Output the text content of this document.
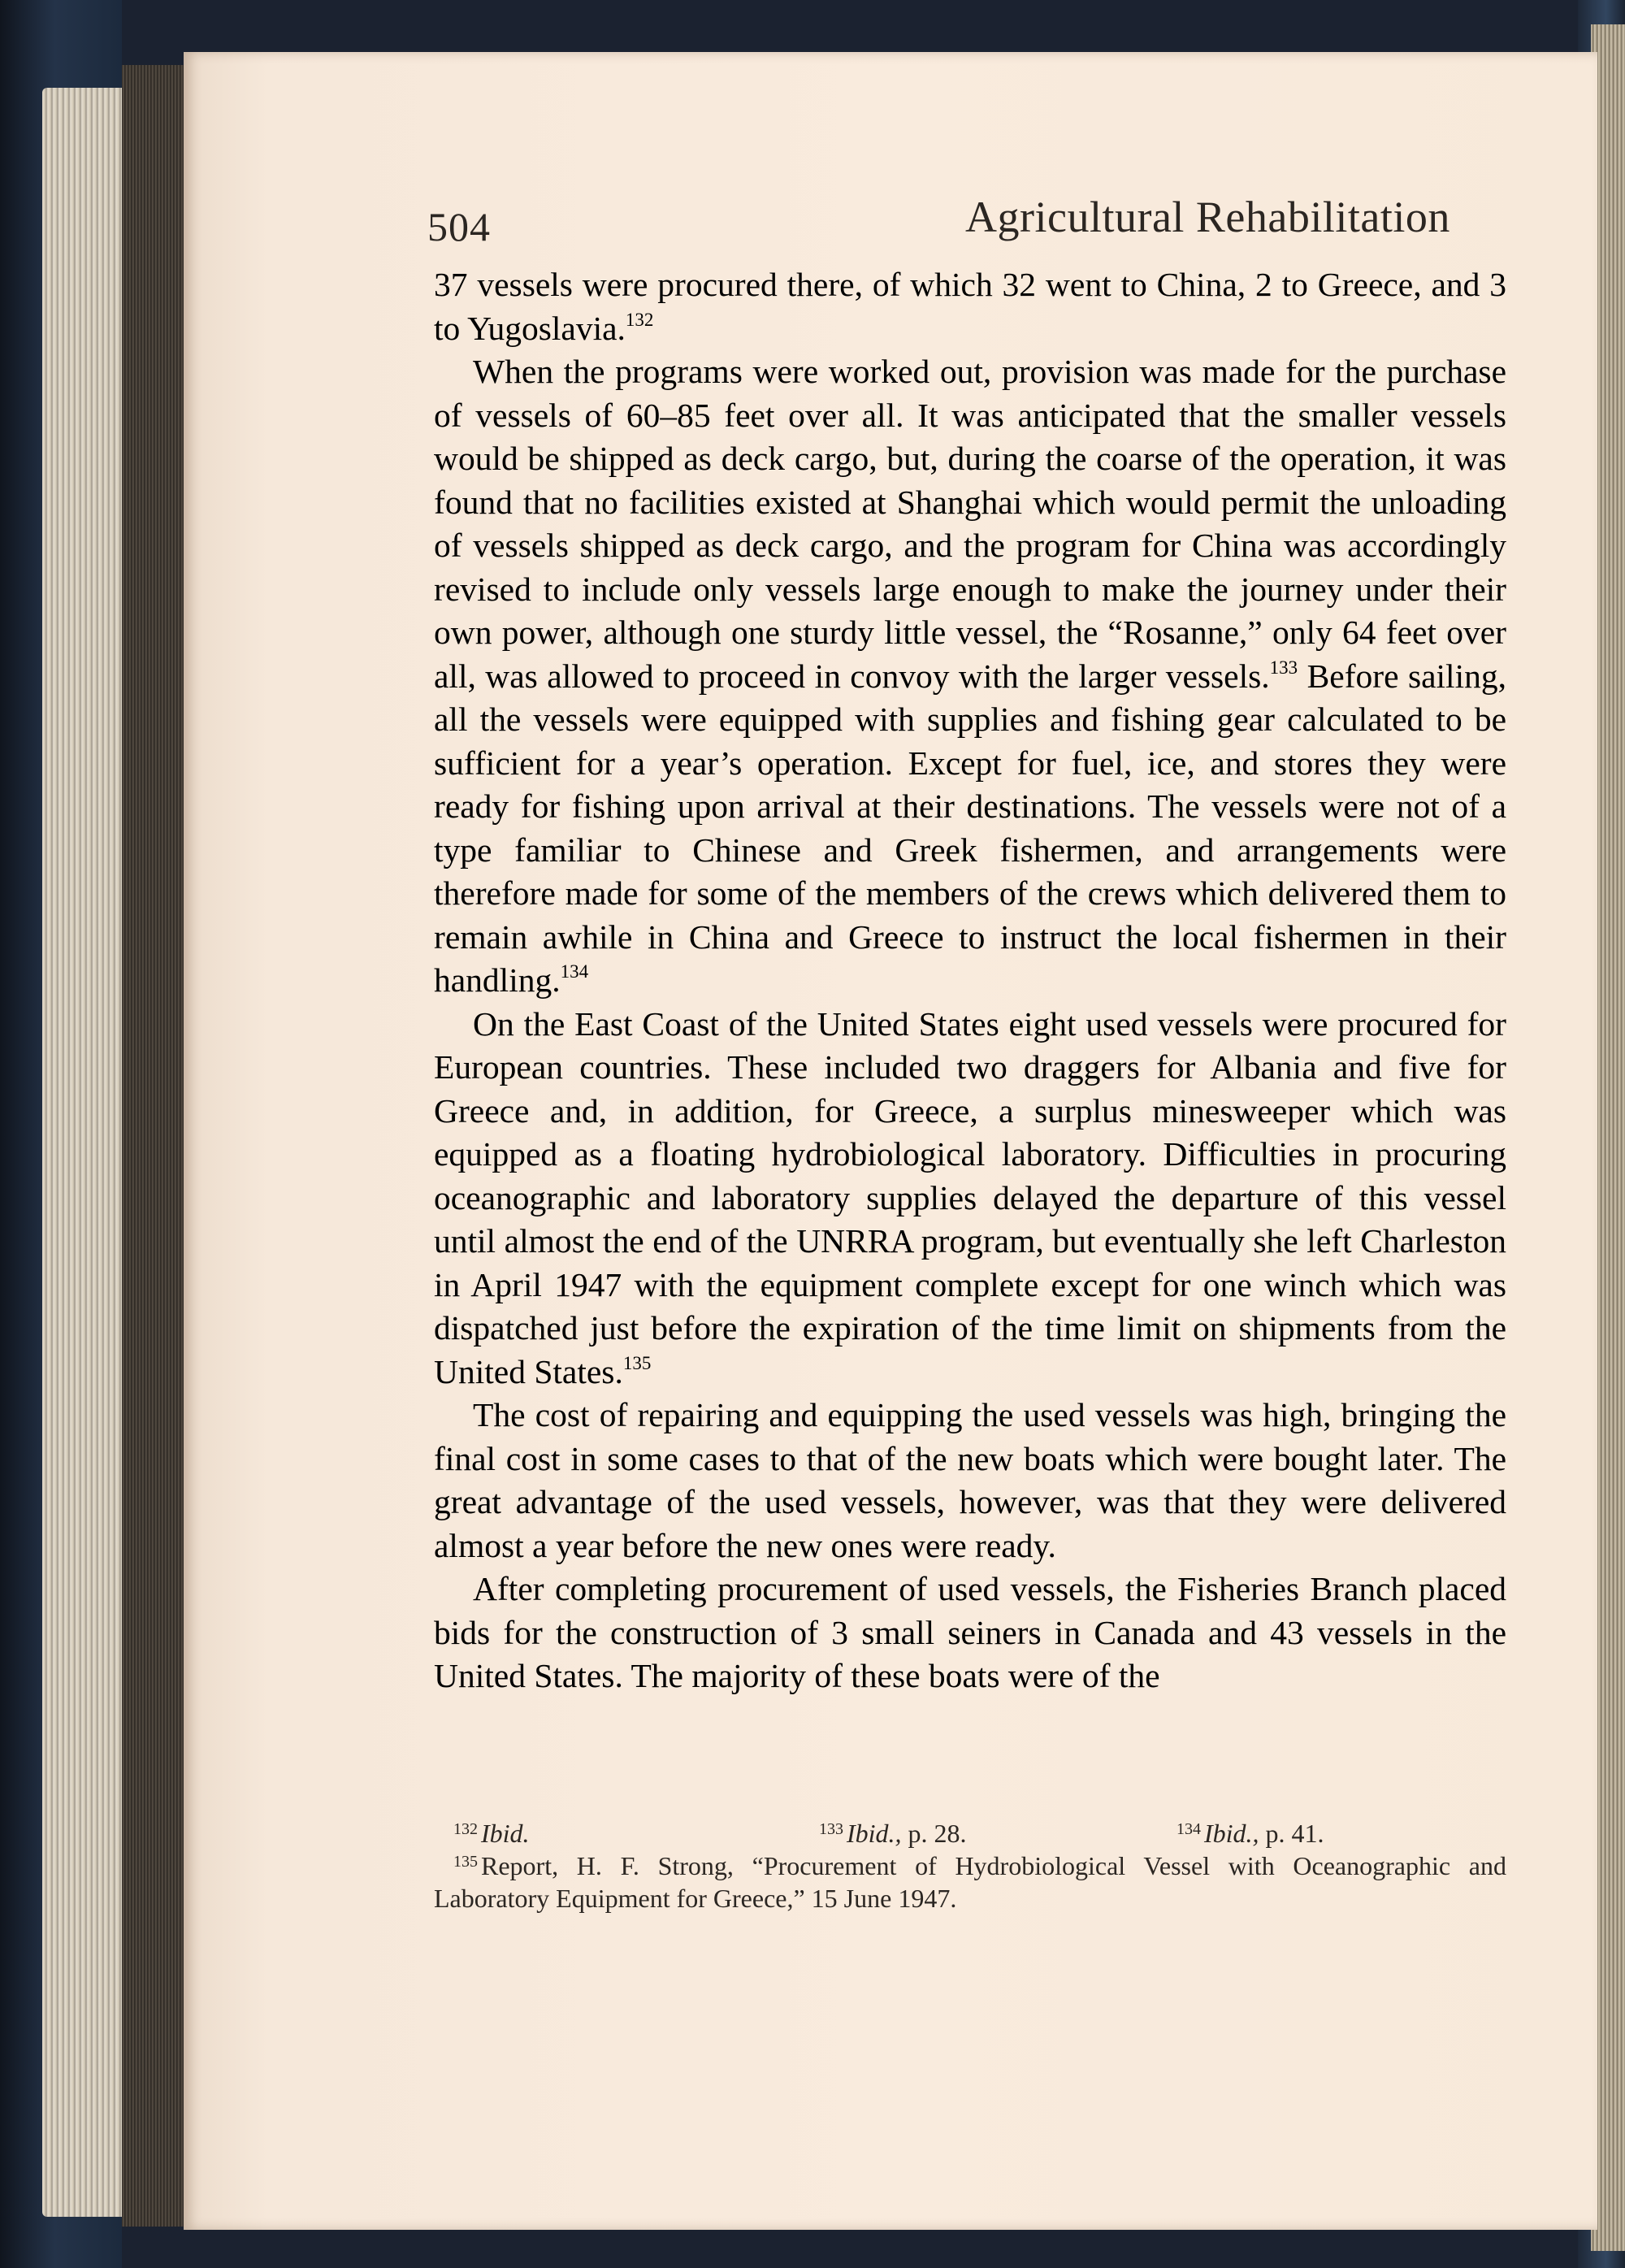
504	Agricultural Rehabilitation

37 vessels were procured there, of which 32 went to China, 2 to Greece, and 3 to Yugoslavia.$^{132}$

When the programs were worked out, provision was made for the purchase of vessels of 60–85 feet over all. It was anticipated that the smaller vessels would be shipped as deck cargo, but, during the coarse of the operation, it was found that no facilities existed at Shanghai which would permit the unloading of vessels shipped as deck cargo, and the program for China was accordingly revised to include only vessels large enough to make the journey under their own power, although one sturdy little vessel, the “Rosanne,” only 64 feet over all, was allowed to proceed in convoy with the larger vessels.$^{133}$ Before sailing, all the vessels were equipped with supplies and fishing gear calculated to be sufficient for a year’s operation. Except for fuel, ice, and stores they were ready for fishing upon arrival at their destinations. The vessels were not of a type familiar to Chinese and Greek fishermen, and arrangements were therefore made for some of the members of the crews which delivered them to remain awhile in China and Greece to instruct the local fishermen in their handling.$^{134}$

On the East Coast of the United States eight used vessels were procured for European countries. These included two draggers for Albania and five for Greece and, in addition, for Greece, a surplus minesweeper which was equipped as a floating hydrobiological laboratory. Difficulties in procuring oceanographic and laboratory supplies delayed the departure of this vessel until almost the end of the UNRRA program, but eventually she left Charleston in April 1947 with the equipment complete except for one winch which was dispatched just before the expiration of the time limit on shipments from the United States.$^{135}$

The cost of repairing and equipping the used vessels was high, bringing the final cost in some cases to that of the new boats which were bought later. The great advantage of the used vessels, however, was that they were delivered almost a year before the new ones were ready.

After completing procurement of used vessels, the Fisheries Branch placed bids for the construction of 3 small seiners in Canada and 43 vessels in the United States. The majority of these boats were of the

$^{132}$ Ibid.	$^{133}$ Ibid., p. 28.	$^{134}$ Ibid., p. 41.
$^{135}$ Report, H. F. Strong, “Procurement of Hydrobiological Vessel with Oceanographic and Laboratory Equipment for Greece,” 15 June 1947.
